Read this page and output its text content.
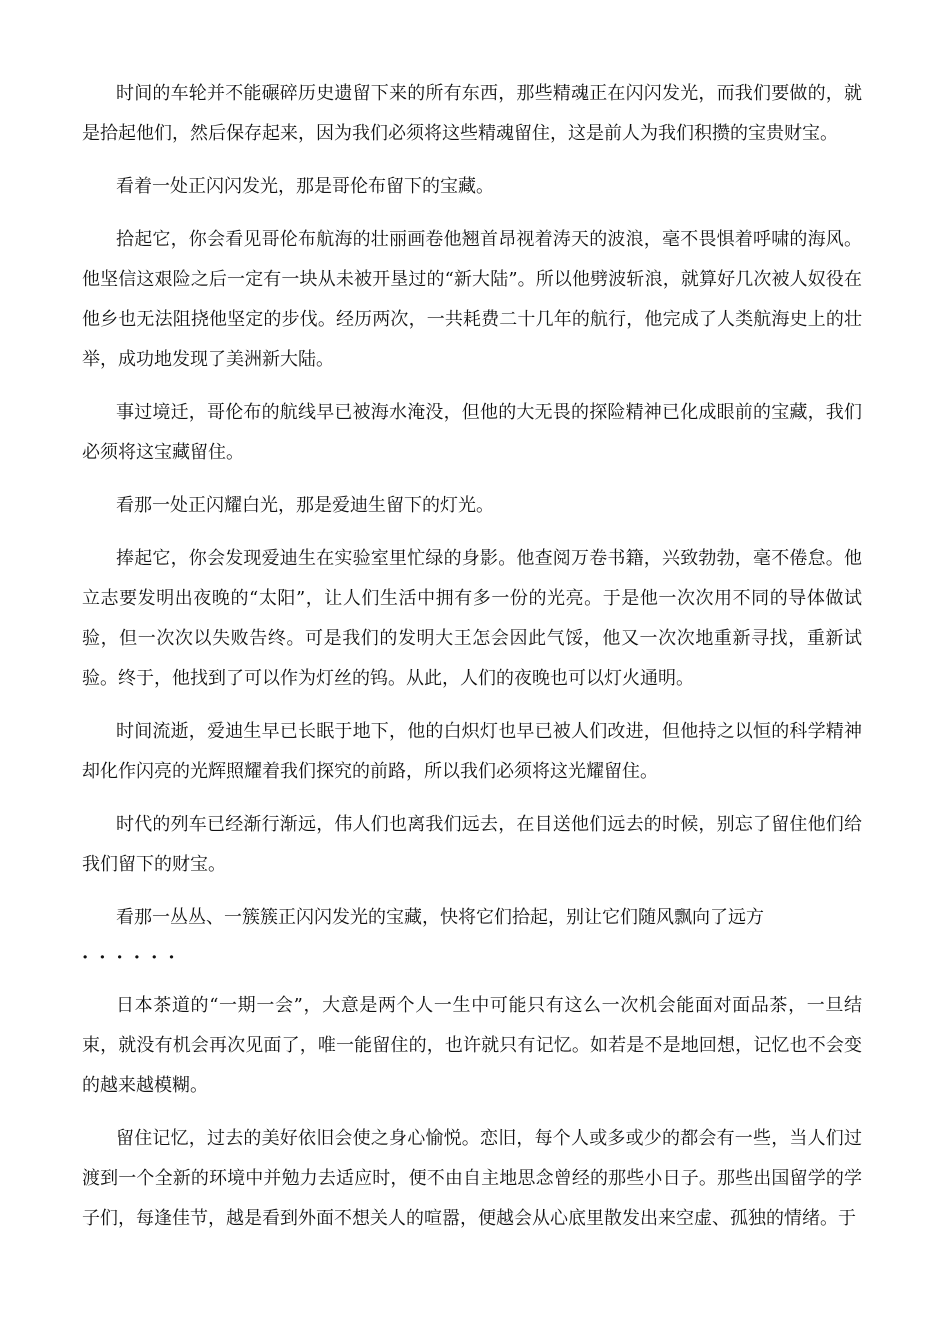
时间的车轮并不能碾碎历史遗留下来的所有东西，那些精魂正在闪闪发光，而我们要做的，就是拾起他们，然后保存起来，因为我们必须将这些精魂留住，这是前人为我们积攒的宝贵财宝。

看着一处正闪闪发光，那是哥伦布留下的宝藏。

拾起它，你会看见哥伦布航海的壮丽画卷他翘首昂视着涛天的波浪，毫不畏惧着呼啸的海风。他坚信这艰险之后一定有一块从未被开垦过的“新大陆”。所以他劈波斩浪，就算好几次被人奴役在他乡也无法阻挠他坚定的步伐。经历两次，一共耗费二十几年的航行，他完成了人类航海史上的壮举，成功地发现了美洲新大陆。

事过境迁，哥伦布的航线早已被海水淹没，但他的大无畏的探险精神已化成眼前的宝藏，我们必须将这宝藏留住。

看那一处正闪耀白光，那是爱迪生留下的灯光。

捧起它，你会发现爱迪生在实验室里忙绿的身影。他查阅万卷书籍，兴致勃勃，毫不倦怠。他立志要发明出夜晚的“太阳”，让人们生活中拥有多一份的光亮。于是他一次次用不同的导体做试验，但一次次以失败告终。可是我们的发明大王怎会因此气馁，他又一次次地重新寻找，重新试验。终于，他找到了可以作为灯丝的钨。从此，人们的夜晚也可以灯火通明。

时间流逝，爱迪生早已长眠于地下，他的白炽灯也早已被人们改进，但他持之以恒的科学精神却化作闪亮的光辉照耀着我们探究的前路，所以我们必须将这光耀留住。

时代的列车已经渐行渐远，伟人们也离我们远去，在目送他们远去的时候，别忘了留住他们给我们留下的财宝。

看那一丛丛、一簇簇正闪闪发光的宝藏，快将它们拾起，别让它们随风飘向了远方

······

日本茶道的“一期一会”，大意是两个人一生中可能只有这么一次机会能面对面品茶，一旦结束，就没有机会再次见面了，唯一能留住的，也许就只有记忆。如若是不是地回想，记忆也不会变的越来越模糊。

留住记忆，过去的美好依旧会使之身心愉悦。恋旧，每个人或多或少的都会有一些，当人们过渡到一个全新的环境中并勉力去适应时，便不由自主地思念曾经的那些小日子。那些出国留学的学子们，每逢佳节，越是看到外面不想关人的喧嚣，便越会从心底里散发出来空虚、孤独的情绪。于
